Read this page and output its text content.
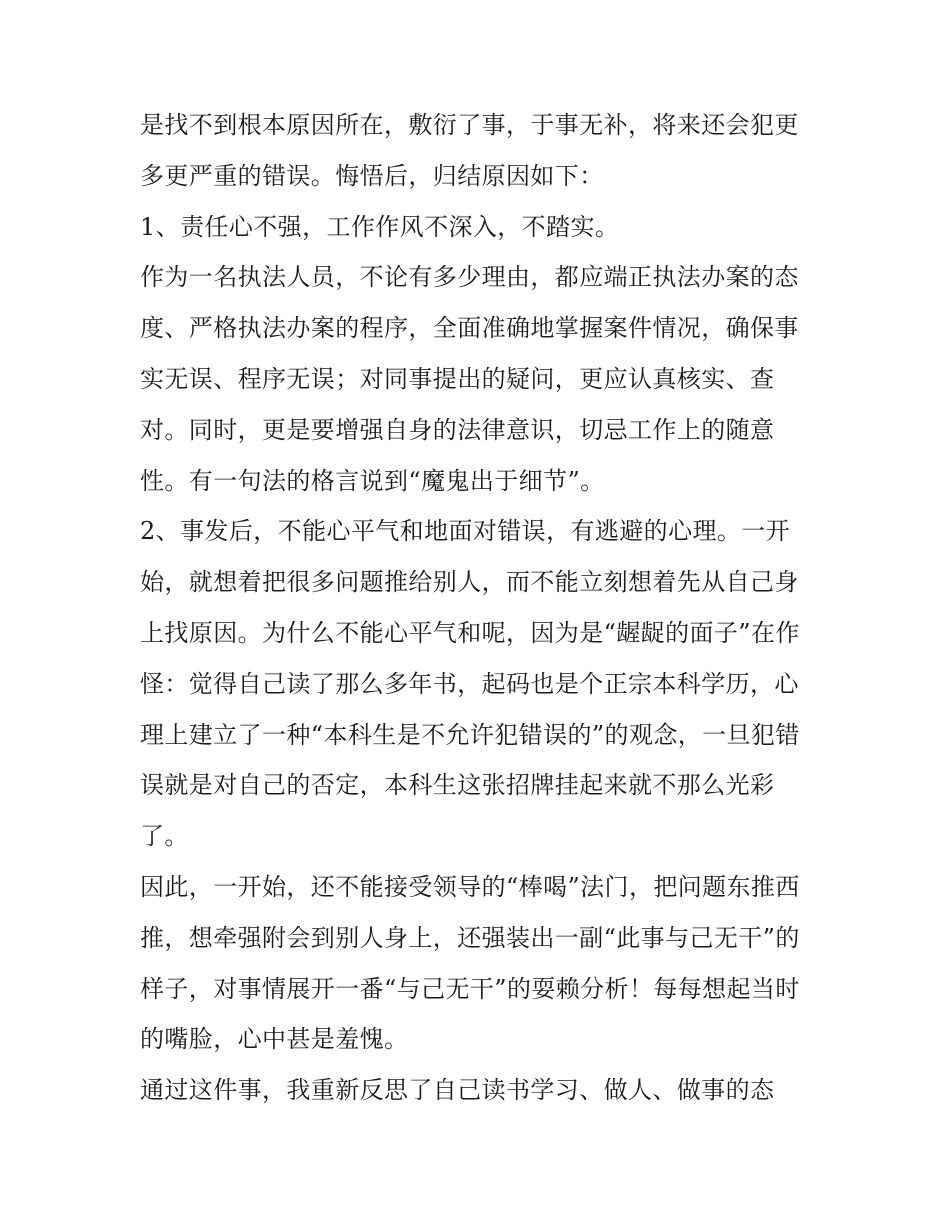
是找不到根本原因所在，敷衍了事，于事无补，将来还会犯更
多更严重的错误。悔悟后，归结原因如下：
1、责任心不强，工作作风不深入，不踏实。
作为一名执法人员，不论有多少理由，都应端正执法办案的态
度、严格执法办案的程序，全面准确地掌握案件情况，确保事
实无误、程序无误；对同事提出的疑问，更应认真核实、查
对。同时，更是要增强自身的法律意识，切忌工作上的随意
性。有一句法的格言说到“魔鬼出于细节”。
2、事发后，不能心平气和地面对错误，有逃避的心理。一开
始，就想着把很多问题推给别人，而不能立刻想着先从自己身
上找原因。为什么不能心平气和呢，因为是“龌龊的面子”在作
怪：觉得自己读了那么多年书，起码也是个正宗本科学历，心
理上建立了一种“本科生是不允许犯错误的”的观念，一旦犯错
误就是对自己的否定，本科生这张招牌挂起来就不那么光彩
了。
因此，一开始，还不能接受领导的“棒喝”法门，把问题东推西
推，想牵强附会到别人身上，还强装出一副“此事与己无干”的
样子，对事情展开一番“与己无干”的耍赖分析！每每想起当时
的嘴脸，心中甚是羞愧。
通过这件事，我重新反思了自己读书学习、做人、做事的态
